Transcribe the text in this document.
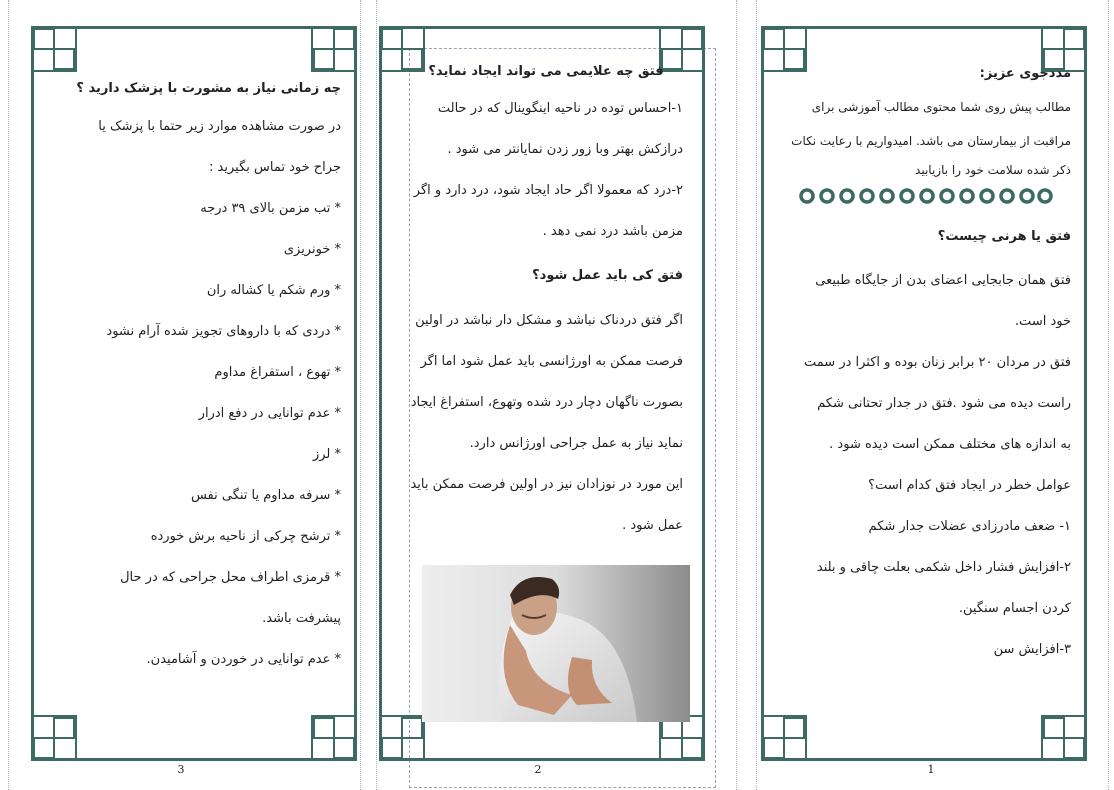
مددجوی عزیز:

مطالب پیش روی شما محتوی مطالب آموزشی برای

مراقبت از بیمارستان می باشد. امیدواریم با رعایت نکات

ذکر شده سلامت خود را بازیابید

فتق یا هرنی چیست؟

فتق همان جابجایی اعضای بدن از جایگاه طبیعی

خود است.

فتق در مردان ۲۰ برابر زنان بوده و اکثرا در سمت

راست دیده می شود .فتق در جدار تحتانی شکم

به اندازه های مختلف ممکن است دیده شود .

عوامل خطر در ایجاد فتق کدام است؟

۱- ضعف مادرزادی عضلات جدار شکم

۲-افزایش فشار داخل شکمی بعلت چاقی و بلند

کردن اجسام سنگین.

۳-افزایش سن

فتق چه علایمی می تواند ایجاد نماید؟

۱-احساس توده در ناحیه اینگوینال که در حالت

درازکش بهتر وبا زور زدن نمایانتر می شود .

۲-درد که معمولا اگر حاد ایجاد شود، درد دارد و اگر

مزمن باشد درد نمی دهد .

فتق کی باید عمل شود؟

اگر فتق دردناک نباشد و مشکل دار نباشد در اولین

فرصت ممکن به اورژانسی باید عمل شود اما اگر

بصورت ناگهان دچار درد شده وتهوع، استفراغ ایجاد

نماید نیاز به عمل جراحی اورژانس دارد.

این مورد در نوزادان نیز در اولین فرصت ممکن باید

عمل شود .

چه زمانی نیاز به مشورت با پزشک دارید ؟

در صورت مشاهده موارد زیر حتما با پزشک یا

جراح خود تماس بگیرید :

* تب مزمن بالای ۳۹ درجه

* خونریزی

* ورم شکم یا کشاله ران

* دردی که با داروهای تجویز شده آرام نشود

* تهوع ، استفراغ مداوم

* عدم توانایی در دفع ادرار

* لرز

* سرفه مداوم یا تنگی نفس

* ترشح چرکی از ناحیه برش خورده

* قرمزی اطراف محل جراحی که در حال

پیشرفت باشد.

* عدم توانایی در خوردن و آشامیدن.

3	2	1
